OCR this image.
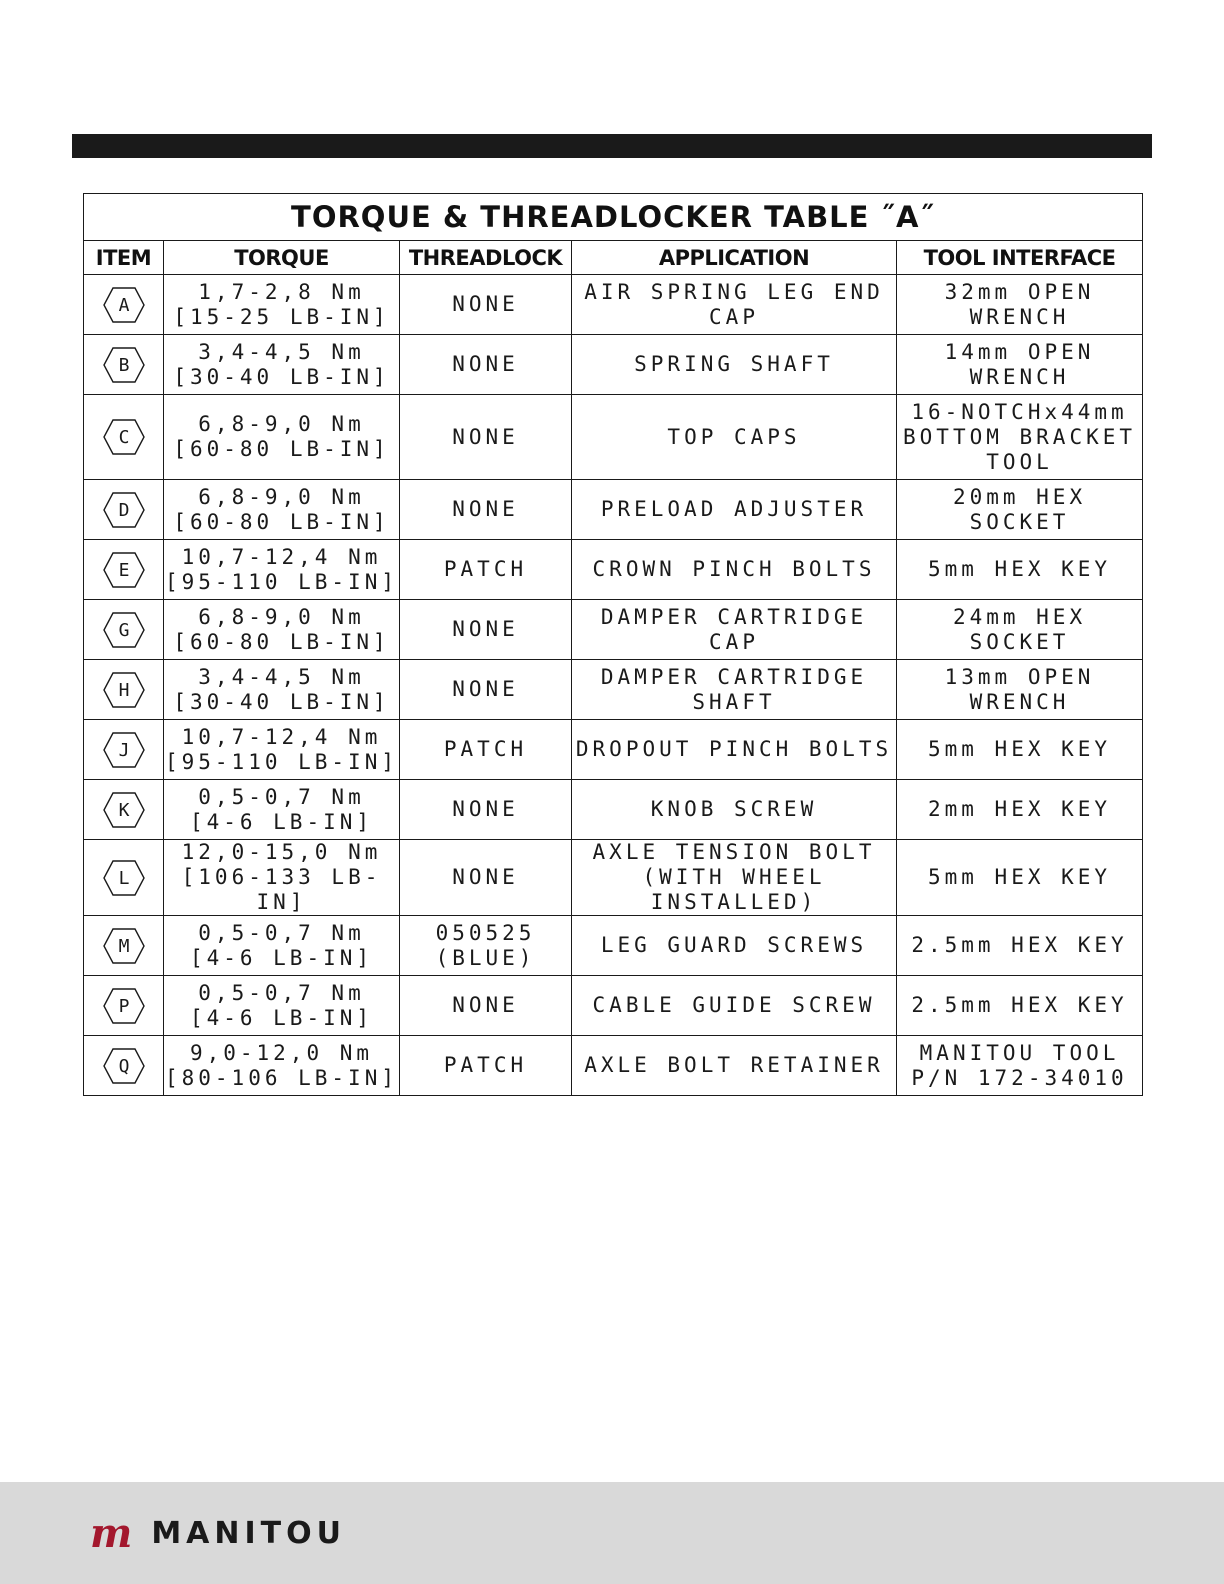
TORQUE & THREADLOCKER TABLE ˝A˝				
ITEM	TORQUE	THREADLOCK	APPLICATION	TOOL INTERFACE

A	1,7-2,8 Nm
[15-25 LB-IN]	NONE	AIR SPRING LEG END CAP	32mm OPEN WRENCH

B	3,4-4,5 Nm
[30-40 LB-IN]	NONE	SPRING SHAFT	14mm OPEN WRENCH

C	6,8-9,0 Nm
[60-80 LB-IN]	NONE	TOP CAPS	16-NOTCHx44mm
BOTTOM BRACKET
TOOL

D	6,8-9,0 Nm
[60-80 LB-IN]	NONE	PRELOAD ADJUSTER	20mm HEX SOCKET

E	10,7-12,4 Nm
[95-110 LB-IN]	PATCH	CROWN PINCH BOLTS	5mm HEX KEY

G	6,8-9,0 Nm
[60-80 LB-IN]	NONE	DAMPER CARTRIDGE CAP	24mm HEX SOCKET

H	3,4-4,5 Nm
[30-40 LB-IN]	NONE	DAMPER CARTRIDGE SHAFT	13mm OPEN WRENCH

J	10,7-12,4 Nm
[95-110 LB-IN]	PATCH	DROPOUT PINCH BOLTS	5mm HEX KEY

K	0,5-0,7 Nm
[4-6 LB-IN]	NONE	KNOB SCREW	2mm HEX KEY

L	12,0-15,0 Nm
[106-133 LB-IN]	NONE	AXLE TENSION BOLT
(WITH WHEEL INSTALLED)	5mm HEX KEY

M	0,5-0,7 Nm
[4-6 LB-IN]	050525
(BLUE)	LEG GUARD SCREWS	2.5mm HEX KEY

P	0,5-0,7 Nm
[4-6 LB-IN]	NONE	CABLE GUIDE SCREW	2.5mm HEX KEY

Q	9,0-12,0 Nm
[80-106 LB-IN]	PATCH	AXLE BOLT RETAINER	MANITOU TOOL
P/N 172-34010
m MANITOU
